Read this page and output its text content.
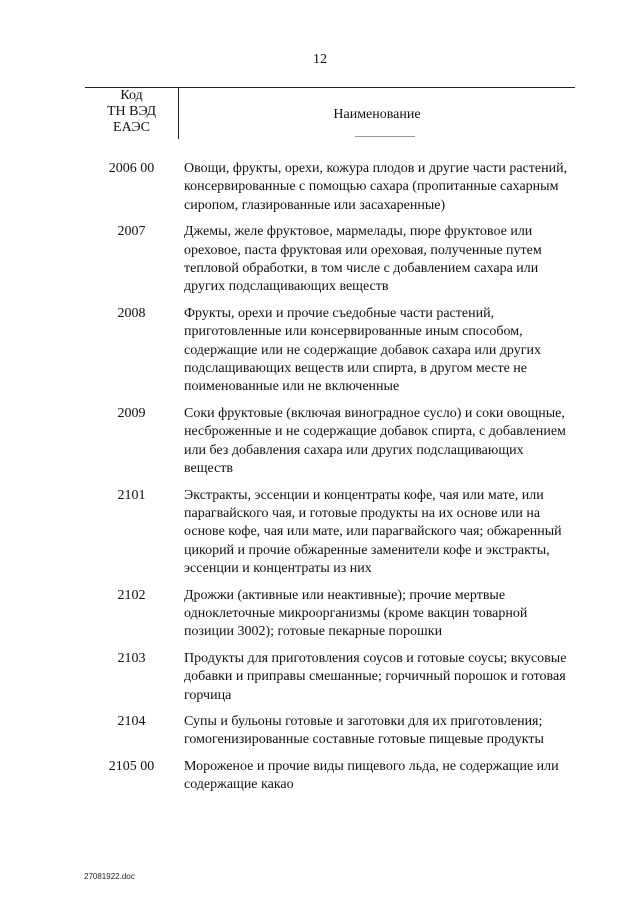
12
Код
ТН ВЭД
ЕАЭС
Наименование
2006 00	Овощи, фрукты, орехи, кожура плодов и другие части растений, консервированные с помощью сахара (пропитанные сахарным сиропом, глазированные или засахаренные)
2007	Джемы, желе фруктовое, мармелады, пюре фруктовое или ореховое, паста фруктовая или ореховая, полученные путем тепловой обработки, в том числе с добавлением сахара или других подслащивающих веществ
2008	Фрукты, орехи и прочие съедобные части растений, приготовленные или консервированные иным способом, содержащие или не содержащие добавок сахара или других подслащивающих веществ или спирта, в другом месте не поименованные или не включенные
2009	Соки фруктовые (включая виноградное сусло) и соки овощные, несброженные и не содержащие добавок спирта, с добавлением или без добавления сахара или других подслащивающих веществ
2101	Экстракты, эссенции и концентраты кофе, чая или мате, или парагвайского чая, и готовые продукты на их основе или на основе кофе, чая или мате, или парагвайского чая; обжаренный цикорий и прочие обжаренные заменители кофе и экстракты, эссенции и концентраты из них
2102	Дрожжи (активные или неактивные); прочие мертвые одноклеточные микроорганизмы (кроме вакцин товарной позиции 3002); готовые пекарные порошки
2103	Продукты для приготовления соусов и готовые соусы; вкусовые добавки и приправы смешанные; горчичный порошок и готовая горчица
2104	Супы и бульоны готовые и заготовки для их приготовления; гомогенизированные составные готовые пищевые продукты
2105 00	Мороженое и прочие виды пищевого льда, не содержащие или содержащие какао
27081922.doc
